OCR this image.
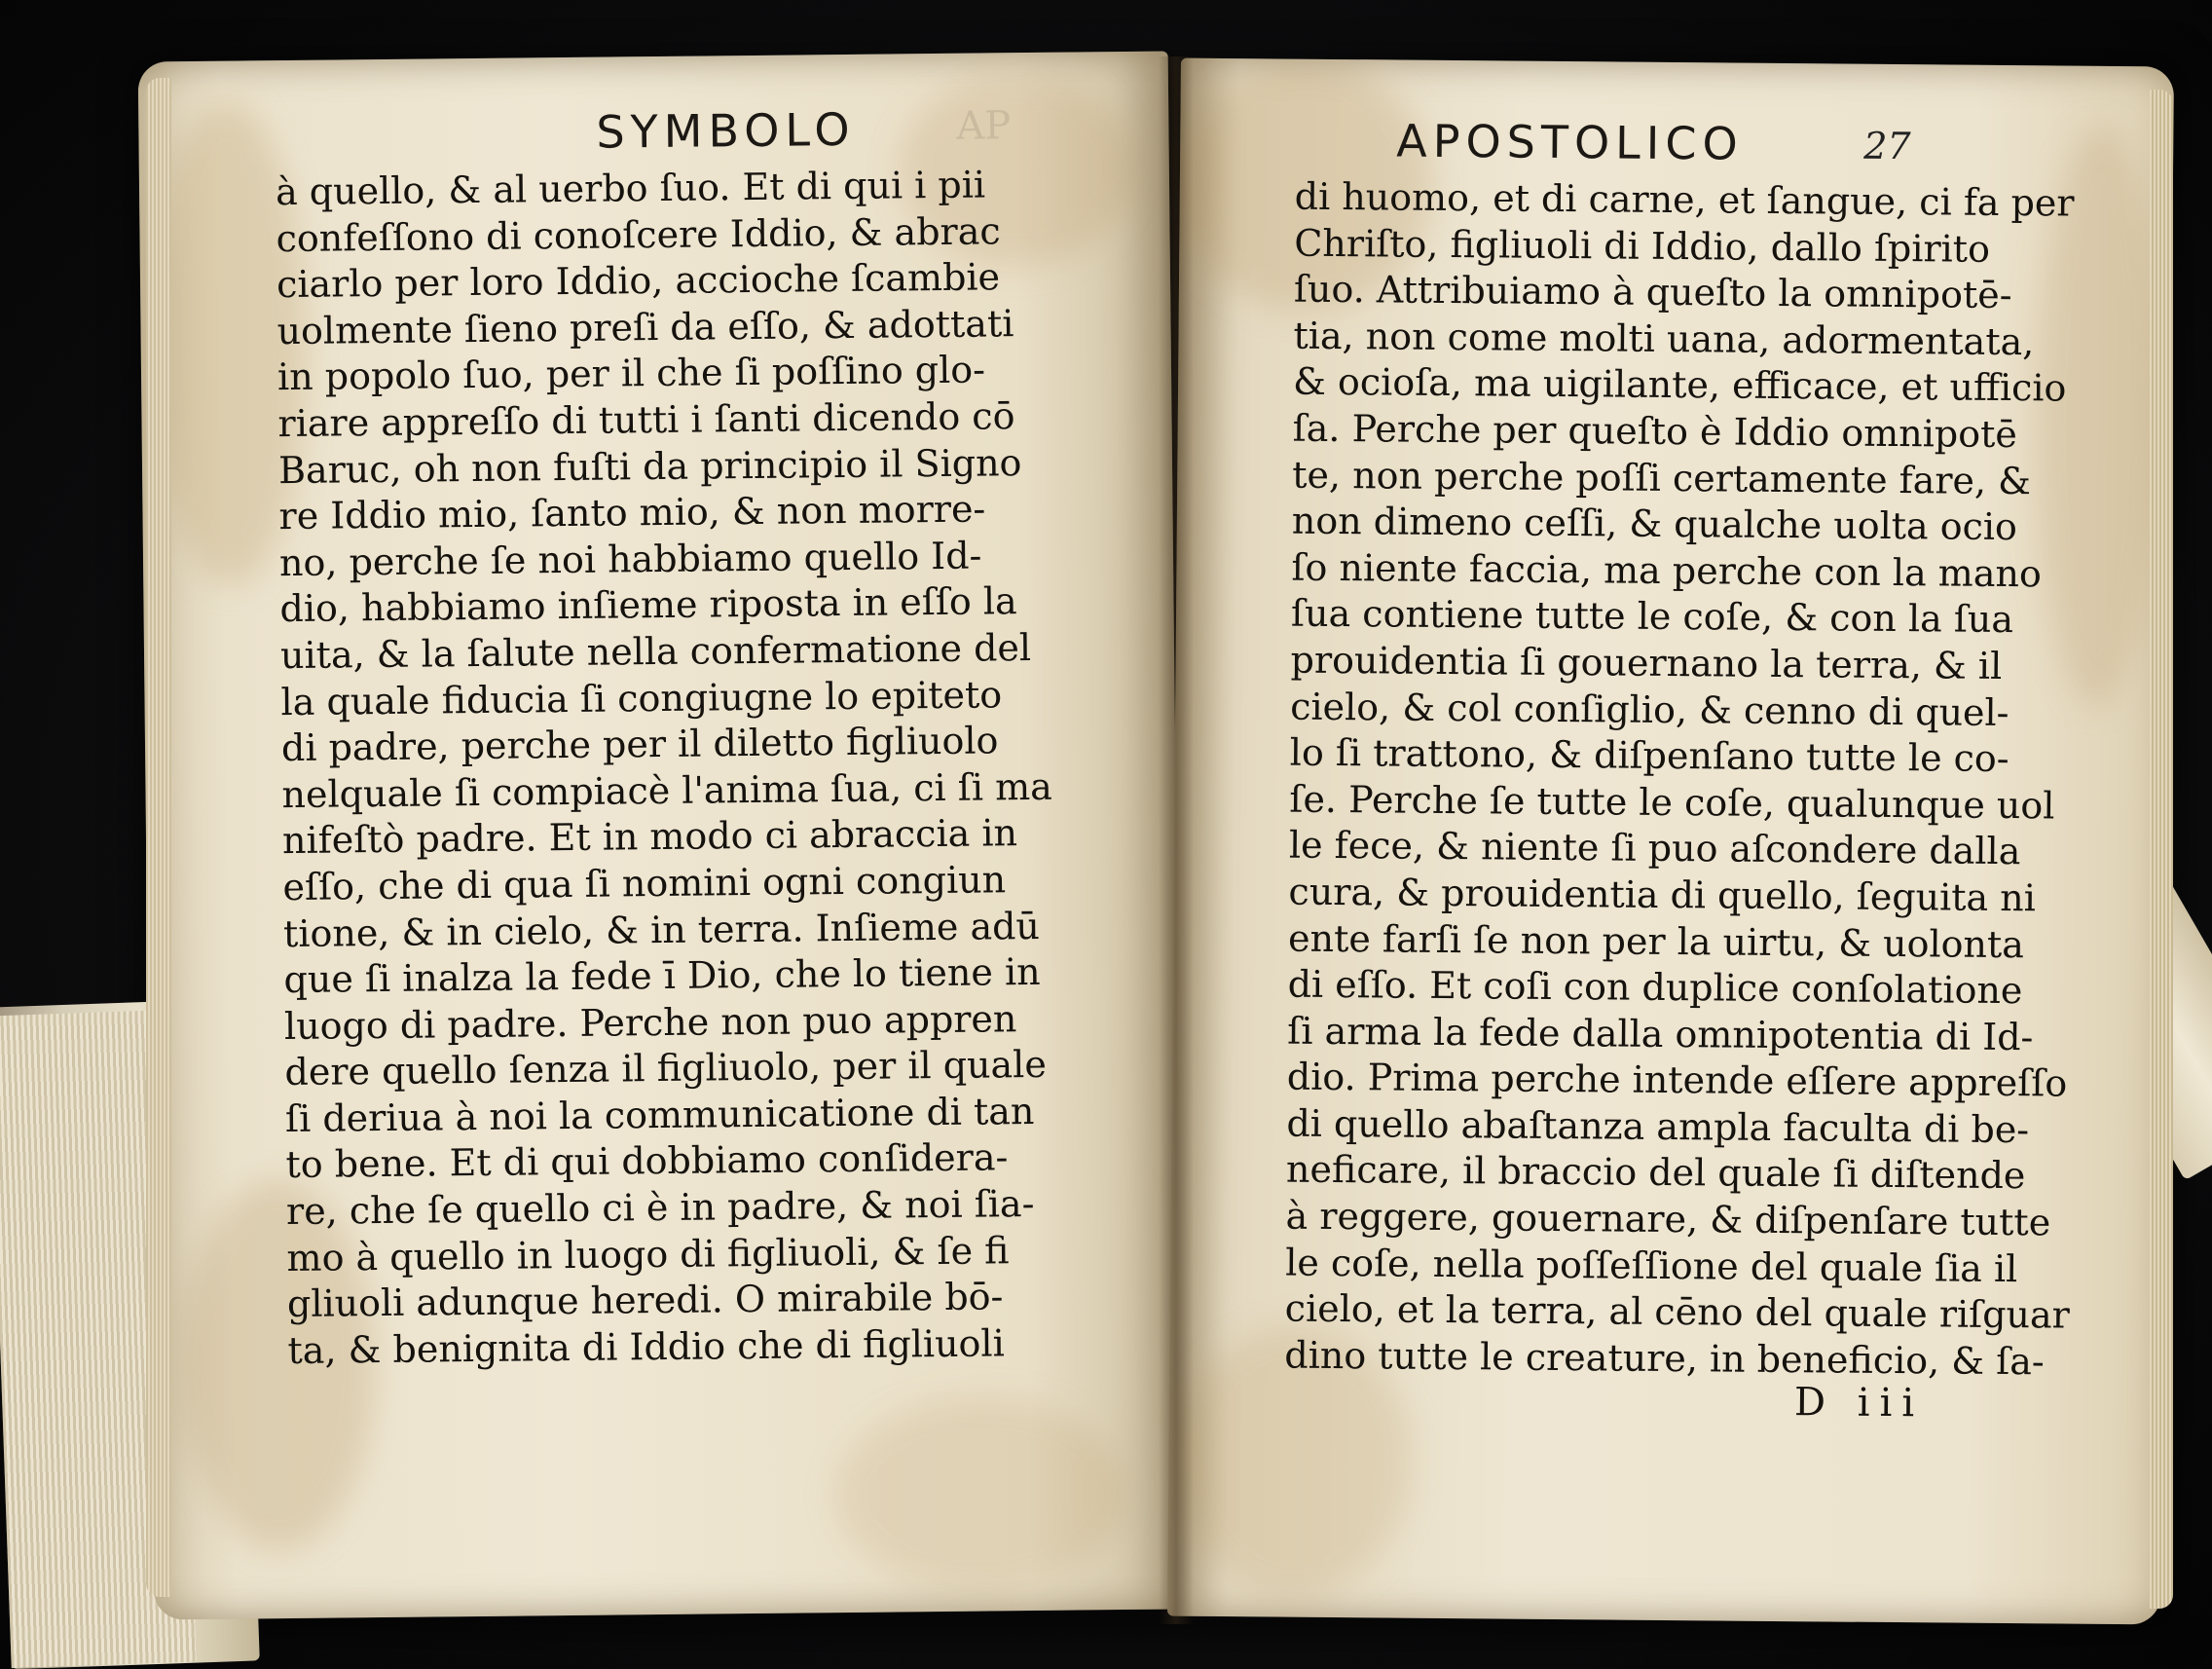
AP
SYMBOLO
à quello, & al uerbo ſuo. Et di qui i pii
confeſſono di conoſcere Iddio, & abrac
ciarlo per loro Iddio, accioche ſcambie
uolmente ſieno preſi da eſſo, & adottati
in popolo ſuo, per il che ſi poſſino glo-
riare appreſſo di tutti i ſanti dicendo cō
Baruc, oh non fuſti da principio il Signo
re Iddio mio, ſanto mio, & non morre-
no, perche ſe noi habbiamo quello Id-
dio, habbiamo inſieme riposta in eſſo la
uita, & la ſalute nella confermatione del
la quale fiducia ſi congiugne lo epiteto
di padre, perche per il diletto figliuolo
nelquale ſi compiacè l'anima ſua, ci ſi ma
nifeſtò padre. Et in modo ci abraccia in
eſſo, che di qua ſi nomini ogni congiun
tione, & in cielo, & in terra. Inſieme adū
que ſi inalza la fede ī Dio, che lo tiene in
luogo di padre. Perche non puo appren
dere quello ſenza il figliuolo, per il quale
ſi deriua à noi la communicatione di tan
to bene. Et di qui dobbiamo conſidera-
re, che ſe quello ci è in padre, & noi ſia-
mo à quello in luogo di figliuoli, & ſe fi
gliuoli adunque heredi. O mirabile bō-
ta, & benignita di Iddio che di figliuoli
APOSTOLICO	27
di huomo, et di carne, et ſangue, ci fa per
Chriſto, figliuoli di Iddio, dallo ſpirito
ſuo. Attribuiamo à queſto la omnipotē-
tia, non come molti uana, adormentata,
& ocioſa, ma uigilante, efficace, et ufficio
ſa. Perche per queſto è Iddio omnipotē
te, non perche poſſi certamente fare, &
non dimeno ceſſi, & qualche uolta ocio
ſo niente faccia, ma perche con la mano
ſua contiene tutte le coſe, & con la ſua
prouidentia ſi gouernano la terra, & il
cielo, & col conſiglio, & cenno di quel-
lo ſi trattono, & diſpenſano tutte le co-
ſe. Perche ſe tutte le coſe, qualunque uol
le fece, & niente ſi puo aſcondere dalla
cura, & prouidentia di quello, ſeguita ni
ente farſi ſe non per la uirtu, & uolonta
di eſſo. Et coſi con duplice conſolatione
ſi arma la fede dalla omnipotentia di Id-
dio. Prima perche intende eſſere appreſſo
di quello abaſtanza ampla faculta di be-
neficare, il braccio del quale ſi diſtende
à reggere, gouernare, & diſpenſare tutte
le coſe, nella poſſeſſione del quale ſia il
cielo, et la terra, al cēno del quale riſguar
dino tutte le creature, in beneficio, & ſa-
D iii
